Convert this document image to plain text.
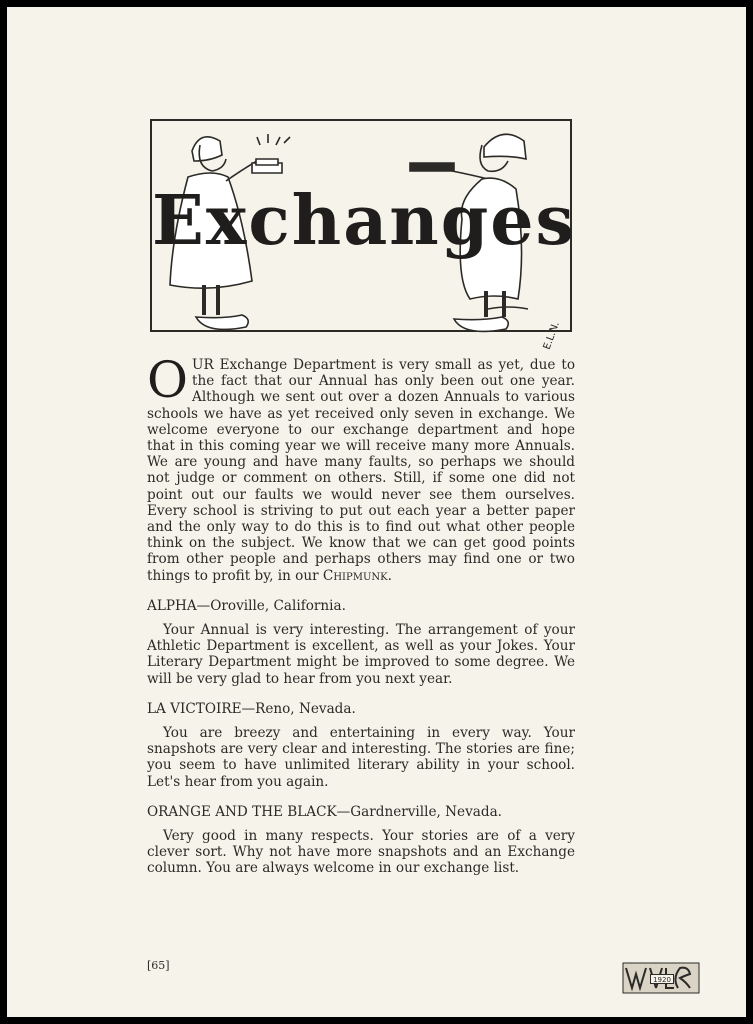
Exchanges
E.L.N.

OUR Exchange Department is very small as yet, due to the fact that our Annual has only been out one year. Although we sent out over a dozen Annuals to various schools we have as yet received only seven in exchange. We welcome everyone to our exchange department and hope that in this coming year we will receive many more Annuals. We are young and have many faults, so perhaps we should not judge or comment on others. Still, if some one did not point out our faults we would never see them ourselves. Every school is striving to put out each year a better paper and the only way to do this is to find out what other people think on the subject. We know that we can get good points from other people and perhaps others may find one or two things to profit by, in our Chipmunk.

ALPHA—Oroville, California.

Your Annual is very interesting. The arrangement of your Athletic Department is excellent, as well as your Jokes. Your Literary Department might be improved to some degree. We will be very glad to hear from you next year.

LA VICTOIRE—Reno, Nevada.

You are breezy and entertaining in every way. Your snapshots are very clear and interesting. The stories are fine; you seem to have unlimited literary ability in your school. Let's hear from you again.

ORANGE AND THE BLACK—Gardnerville, Nevada.

Very good in many respects. Your stories are of a very clever sort. Why not have more snapshots and an Exchange column. You are always welcome in our exchange list.

[65]
1920
